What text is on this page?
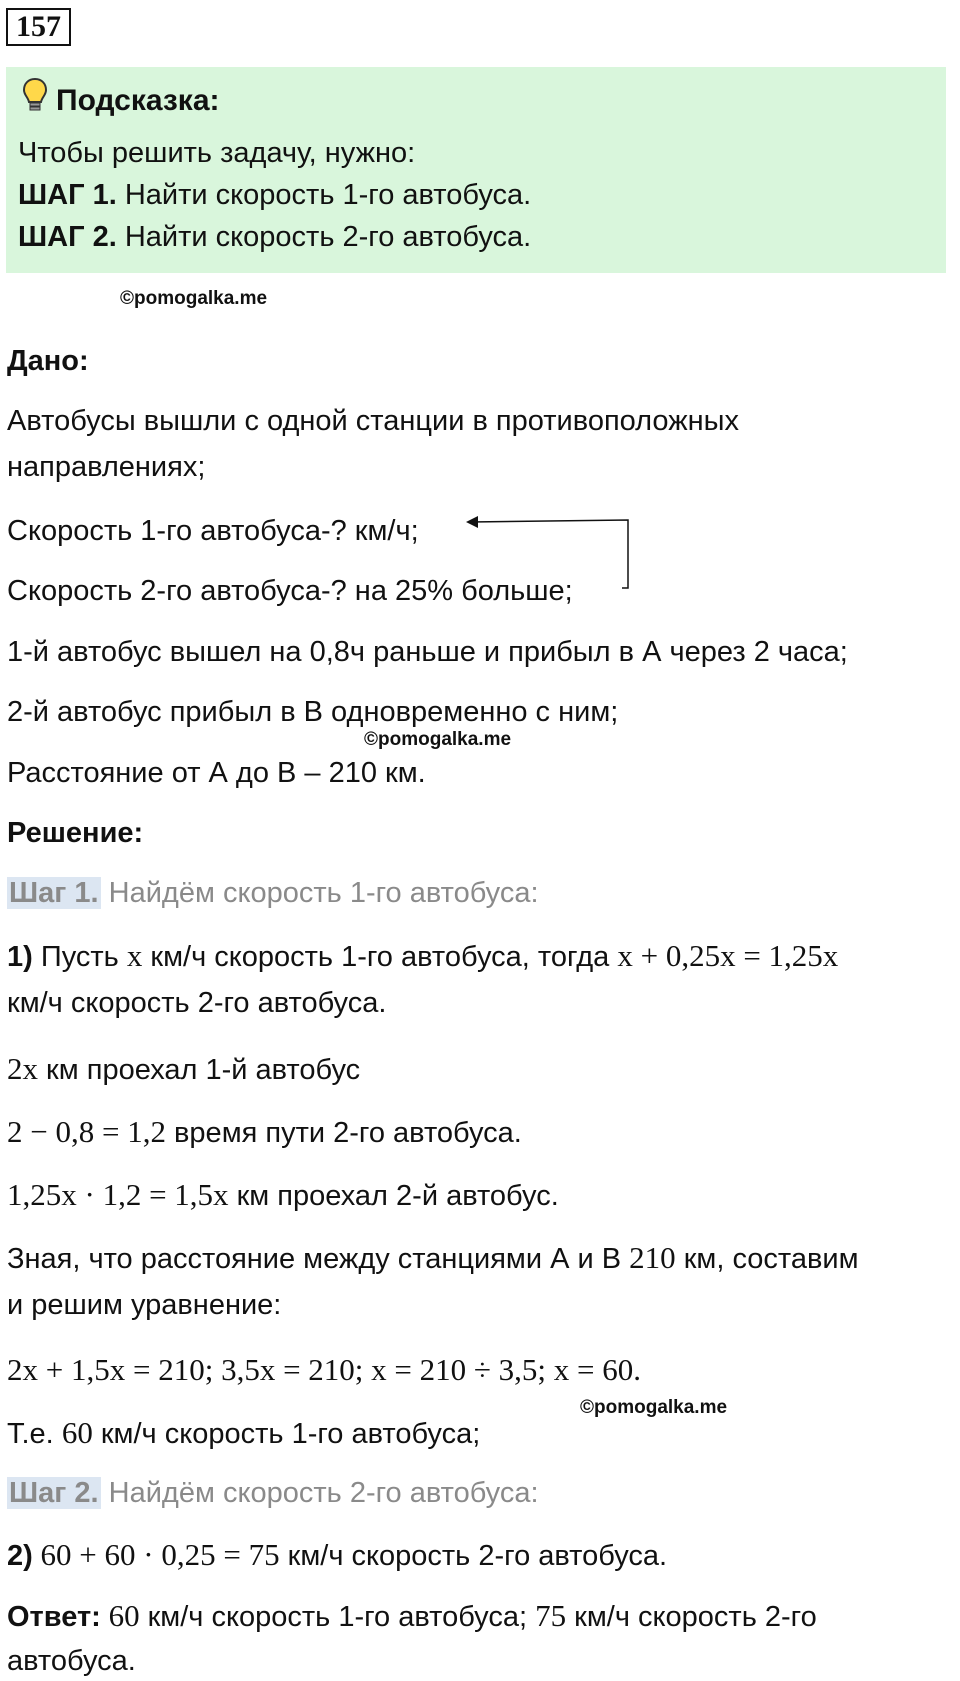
157
Подсказка:
Чтобы решить задачу, нужно:
ШАГ 1. Найти скорость 1-го автобуса.
ШАГ 2. Найти скорость 2-го автобуса.
©pomogalka.me
Дано:
Автобусы вышли с одной станции в противоположных
направлениях;
Скорость 1-го автобуса-? км/ч;
Скорость 2-го автобуса-? на 25% больше;
1-й автобус вышел на 0,8ч раньше и прибыл в А через 2 часа;
2-й автобус прибыл в В одновременно с ним;
©pomogalka.me
Расстояние от А до В – 210 км.
Решение:
Шаг 1. Найдём скорость 1-го автобуса:
1) Пусть x км/ч скорость 1-го автобуса, тогда x + 0,25x = 1,25x
км/ч скорость 2-го автобуса.
2x км проехал 1-й автобус
2 − 0,8 = 1,2 время пути 2-го автобуса.
1,25x · 1,2 = 1,5x км проехал 2-й автобус.
Зная, что расстояние между станциями А и В 210 км, составим
и решим уравнение:
2x + 1,5x = 210; 3,5x = 210; x = 210 ÷ 3,5; x = 60.
Т.е. 60 км/ч скорость 1-го автобуса;
©pomogalka.me
Шаг 2. Найдём скорость 2-го автобуса:
2) 60 + 60 · 0,25 = 75 км/ч скорость 2-го автобуса.
Ответ: 60 км/ч скорость 1-го автобуса; 75 км/ч скорость 2-го
автобуса.
